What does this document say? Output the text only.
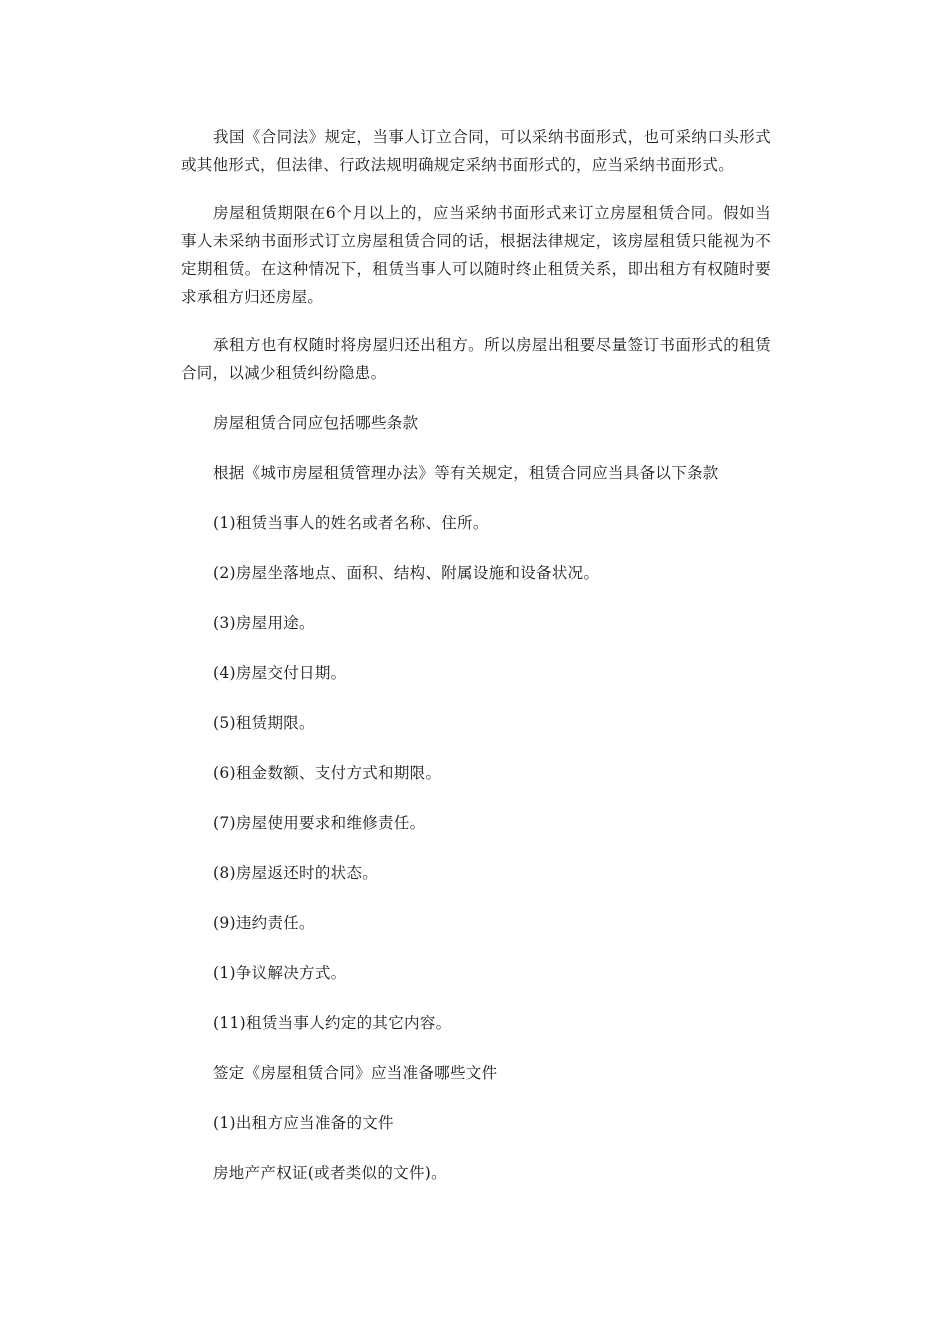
我国《合同法》规定，当事人订立合同，可以采纳书面形式，也可采纳口头形式或其他形式，但法律、行政法规明确规定采纳书面形式的，应当采纳书面形式。

房屋租赁期限在6个月以上的，应当采纳书面形式来订立房屋租赁合同。假如当事人未采纳书面形式订立房屋租赁合同的话，根据法律规定，该房屋租赁只能视为不定期租赁。在这种情况下，租赁当事人可以随时终止租赁关系，即出租方有权随时要求承租方归还房屋。

承租方也有权随时将房屋归还出租方。所以房屋出租要尽量签订书面形式的租赁合同，以减少租赁纠纷隐患。

房屋租赁合同应包括哪些条款

根据《城市房屋租赁管理办法》等有关规定，租赁合同应当具备以下条款

(1)租赁当事人的姓名或者名称、住所。

(2)房屋坐落地点、面积、结构、附属设施和设备状况。

(3)房屋用途。

(4)房屋交付日期。

(5)租赁期限。

(6)租金数额、支付方式和期限。

(7)房屋使用要求和维修责任。

(8)房屋返还时的状态。

(9)违约责任。

(1)争议解决方式。

(11)租赁当事人约定的其它内容。

签定《房屋租赁合同》应当准备哪些文件

(1)出租方应当准备的文件

房地产产权证(或者类似的文件)。
